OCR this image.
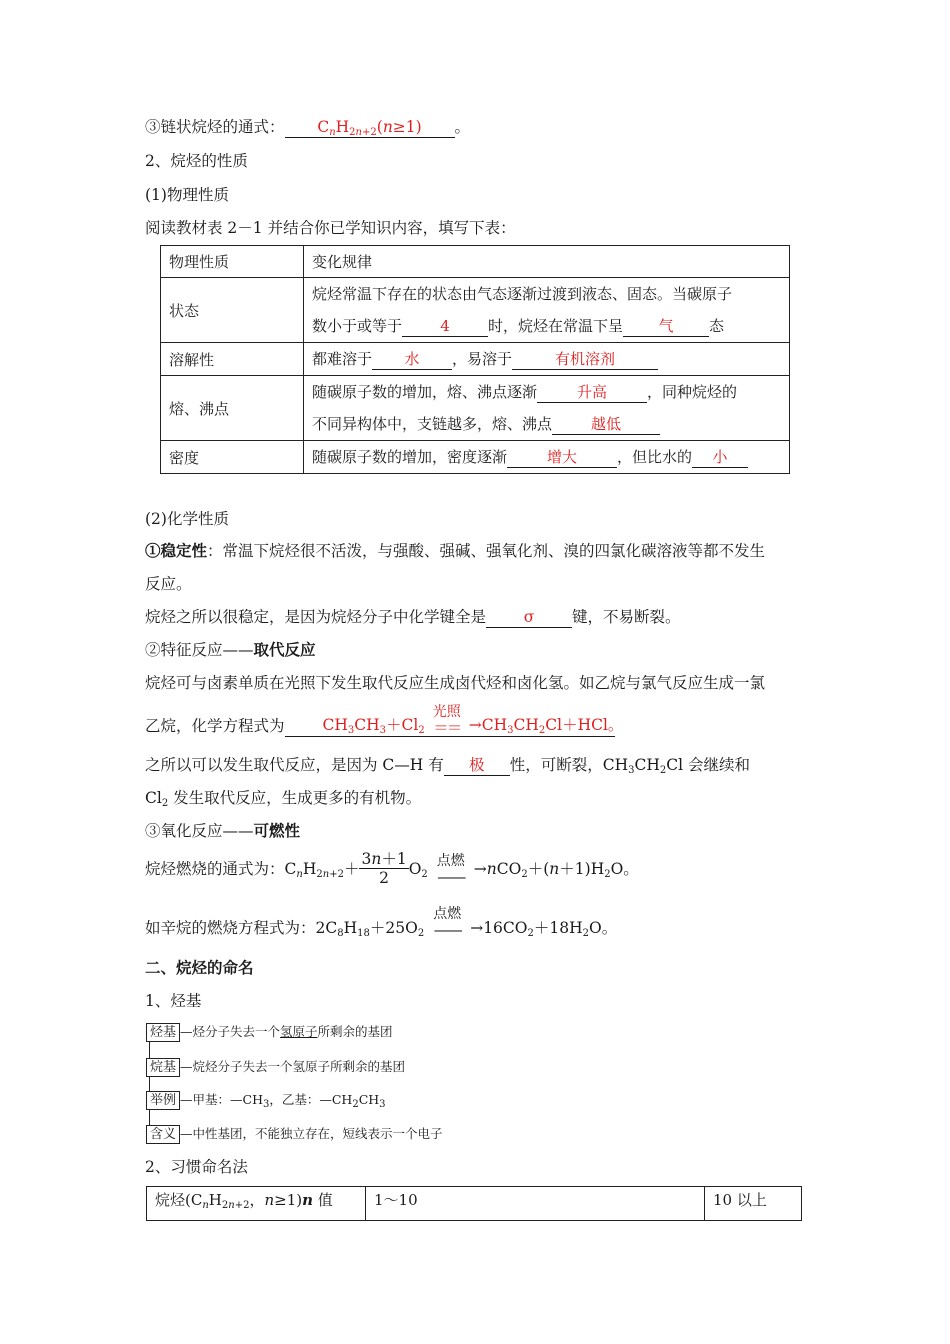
③链状烷烃的通式： $C_nH_{2n+2}(n\ge 1)$ 。
2、烷烃的性质
(1)物理性质
阅读教材表 2－1 并结合你已学知识内容，填写下表：
物理性质	变化规律
状态	烷烃常温下存在的状态由气态逐渐过渡到液态、固态。当碳原子
数小于或等于 4 时，烷烃在常温下呈 气 态

溶解性	都难溶于 水 ，易溶于 有机溶剂

熔、沸点	随碳原子数的增加，熔、沸点逐渐 升高 ，同种烷烃的
不同异构体中，支链越多，熔、沸点 越低

密度	随碳原子数的增加，密度逐渐 增大 ，但比水的 小
(2)化学性质
①稳定性：常温下烷烃很不活泼，与强酸、强碱、强氧化剂、溴的四氯化碳溶液等都不发生
反应。
烷烃之所以很稳定，是因为烷烃分子中化学键全是 σ 键，不易断裂。
②特征反应——取代反应
烷烃可与卤素单质在光照下发生取代反应生成卤代烃和卤化氢。如乙烷与氯气反应生成一氯
乙烷，化学方程式为 $CH_3CH_3+Cl_2$
光照
＝＝ $\to CH_3CH_2Cl+HCl$。
之所以可以发生取代反应，是因为 C—H 有 极 性，可断裂，$CH_3CH_2Cl$ 会继续和
$Cl_2$ 发生取代反应，生成更多的有机物。
③氧化反应——可燃性
烷烃燃烧的通式为：$C_nH_{2n+2}+ \frac{3n+1}{2} O_2$
点燃
—— $\to nCO_2+(n+1)H_2O$。
如辛烷的燃烧方程式为：$2C_8H_{18}+25O_2$
点燃
—— $\to 16CO_2+18H_2O$。
二、烷烃的命名
1、烃基
烃基 —烃分子失去一个氢原子所剩余的基团
烷基 —烷烃分子失去一个氢原子所剩余的基团
举例 —甲基：$—CH_3$，乙基：$—CH_2CH_3$
含义 —中性基团，不能独立存在，短线表示一个电子
2、习惯命名法
烷烃($C_nH_{2n+2}$，n≥1)n 值	1～10	10 以上
